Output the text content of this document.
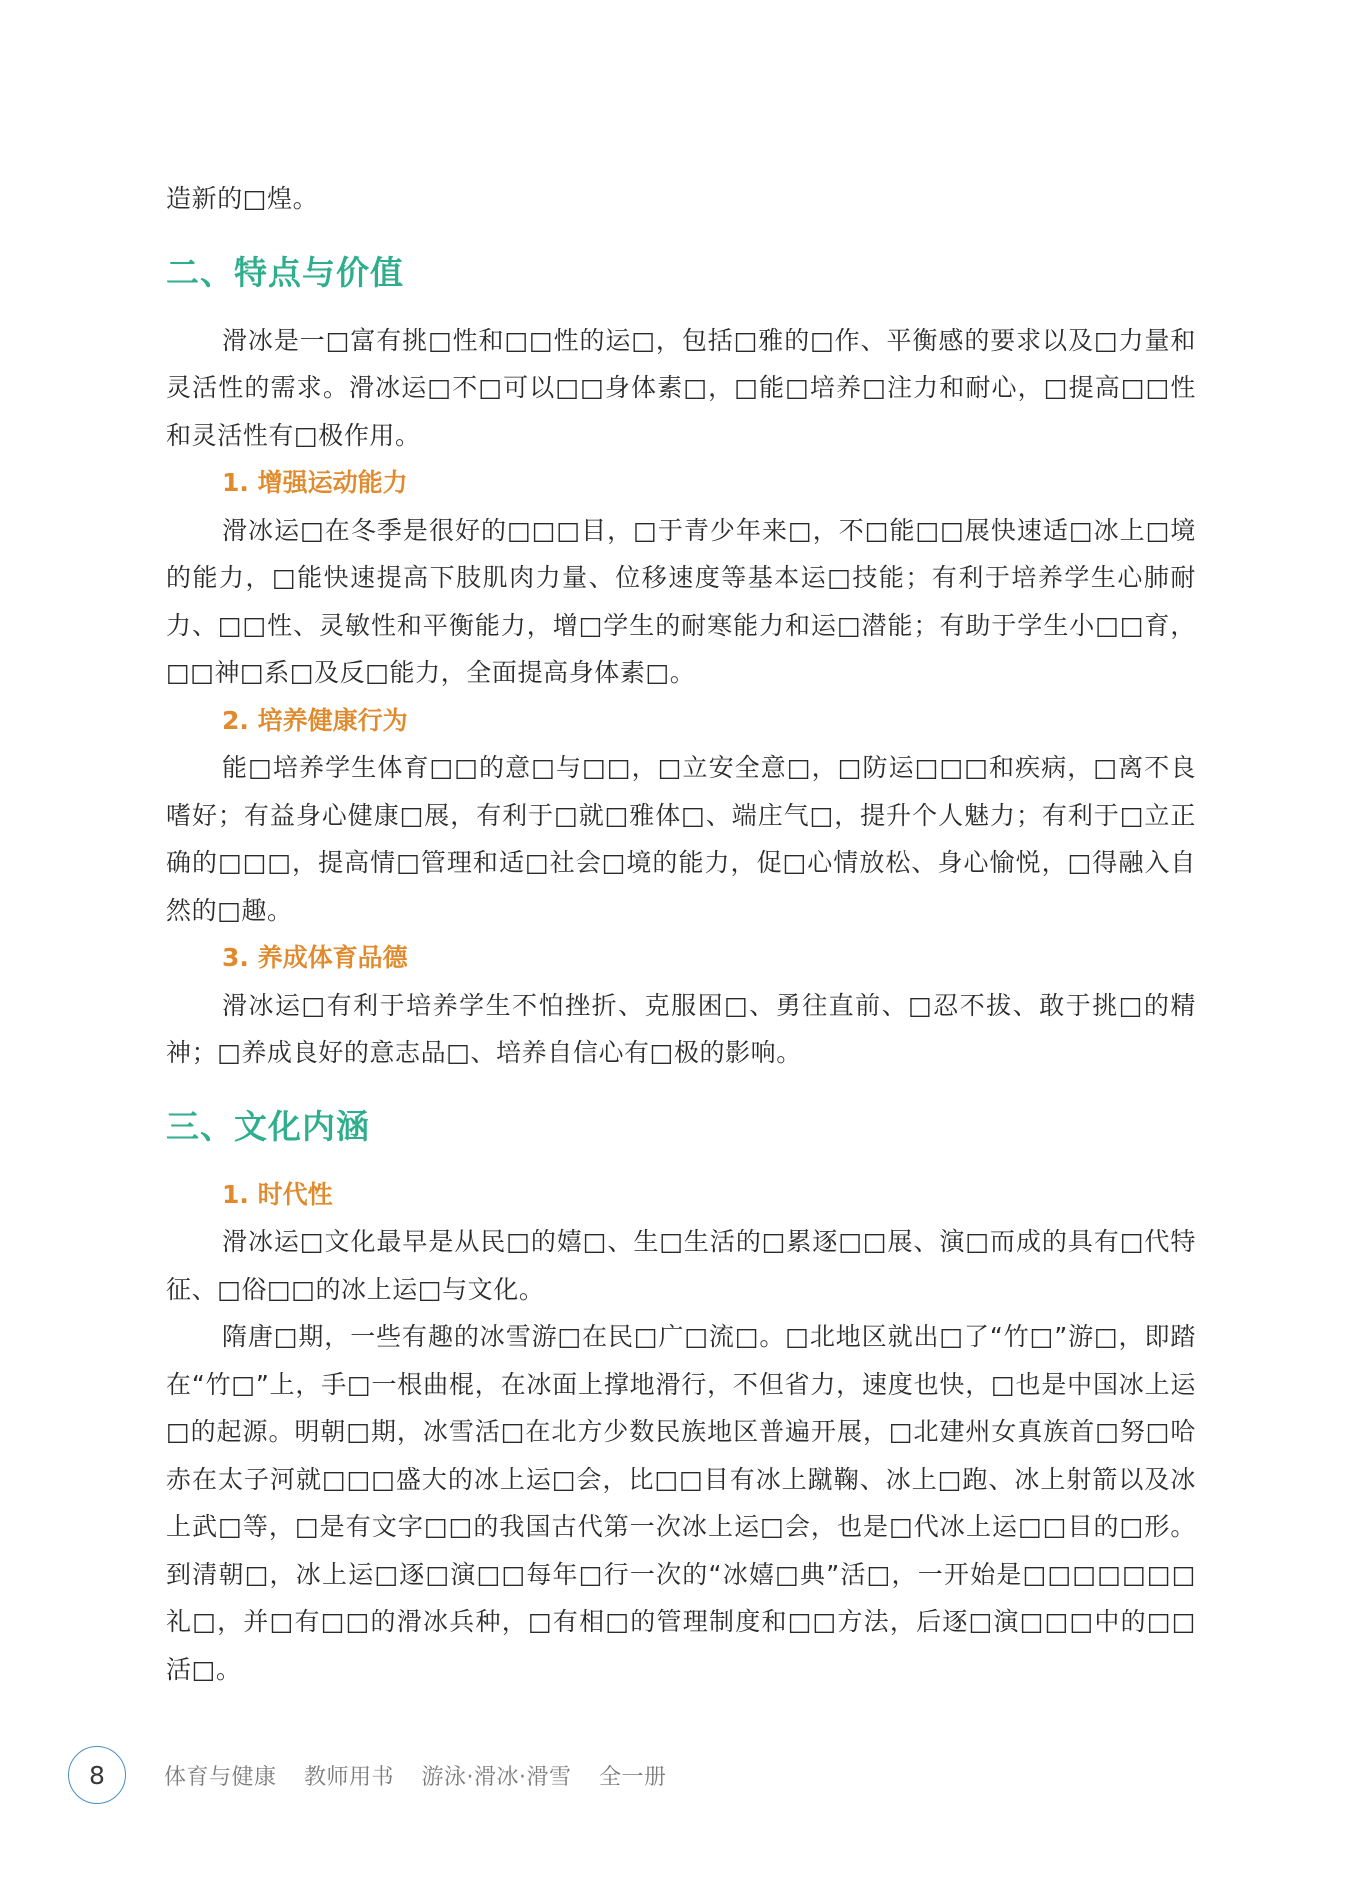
造新的□煌。

二、特点与价值

滑冰是一□富有挑□性和□□性的运□，包括□雅的□作、平衡感的要求以及□力量和灵活性的需求。滑冰运□不□可以□□身体素□，□能□培养□注力和耐心，□提高□□性和灵活性有□极作用。

1. 增强运动能力

滑冰运□在冬季是很好的□□□目，□于青少年来□，不□能□□展快速适□冰上□境的能力，□能快速提高下肢肌肉力量、位移速度等基本运□技能；有利于培养学生心肺耐力、□□性、灵敏性和平衡能力，增□学生的耐寒能力和运□潜能；有助于学生小□□育，□□神□系□及反□能力，全面提高身体素□。

2. 培养健康行为

能□培养学生体育□□的意□与□□，□立安全意□，□防运□□□和疾病，□离不良嗜好；有益身心健康□展，有利于□就□雅体□、端庄气□，提升个人魅力；有利于□立正确的□□□，提高情□管理和适□社会□境的能力，促□心情放松、身心愉悦，□得融入自然的□趣。

3. 养成体育品德

滑冰运□有利于培养学生不怕挫折、克服困□、勇往直前、□忍不拔、敢于挑□的精神；□养成良好的意志品□、培养自信心有□极的影响。

三、文化内涵
1. 时代性

滑冰运□文化最早是从民□的嬉□、生□生活的□累逐□□展、演□而成的具有□代特征、□俗□□的冰上运□与文化。

隋唐□期，一些有趣的冰雪游□在民□广□流□。□北地区就出□了“竹□”游□，即踏在“竹□”上，手□一根曲棍，在冰面上撑地滑行，不但省力，速度也快，□也是中国冰上运□的起源。明朝□期，冰雪活□在北方少数民族地区普遍开展，□北建州女真族首□努□哈赤在太子河就□□□盛大的冰上运□会，比□□目有冰上蹴鞠、冰上□跑、冰上射箭以及冰上武□等，□是有文字□□的我国古代第一次冰上运□会，也是□代冰上运□□目的□形。到清朝□，冰上运□逐□演□□每年□行一次的“冰嬉□典”活□，一开始是□□□□□□□礼□，并□有□□的滑冰兵种，□有相□的管理制度和□□方法，后逐□演□□□中的□□活□。

8	体育与健康 教师用书 游泳·滑冰·滑雪 全一册
